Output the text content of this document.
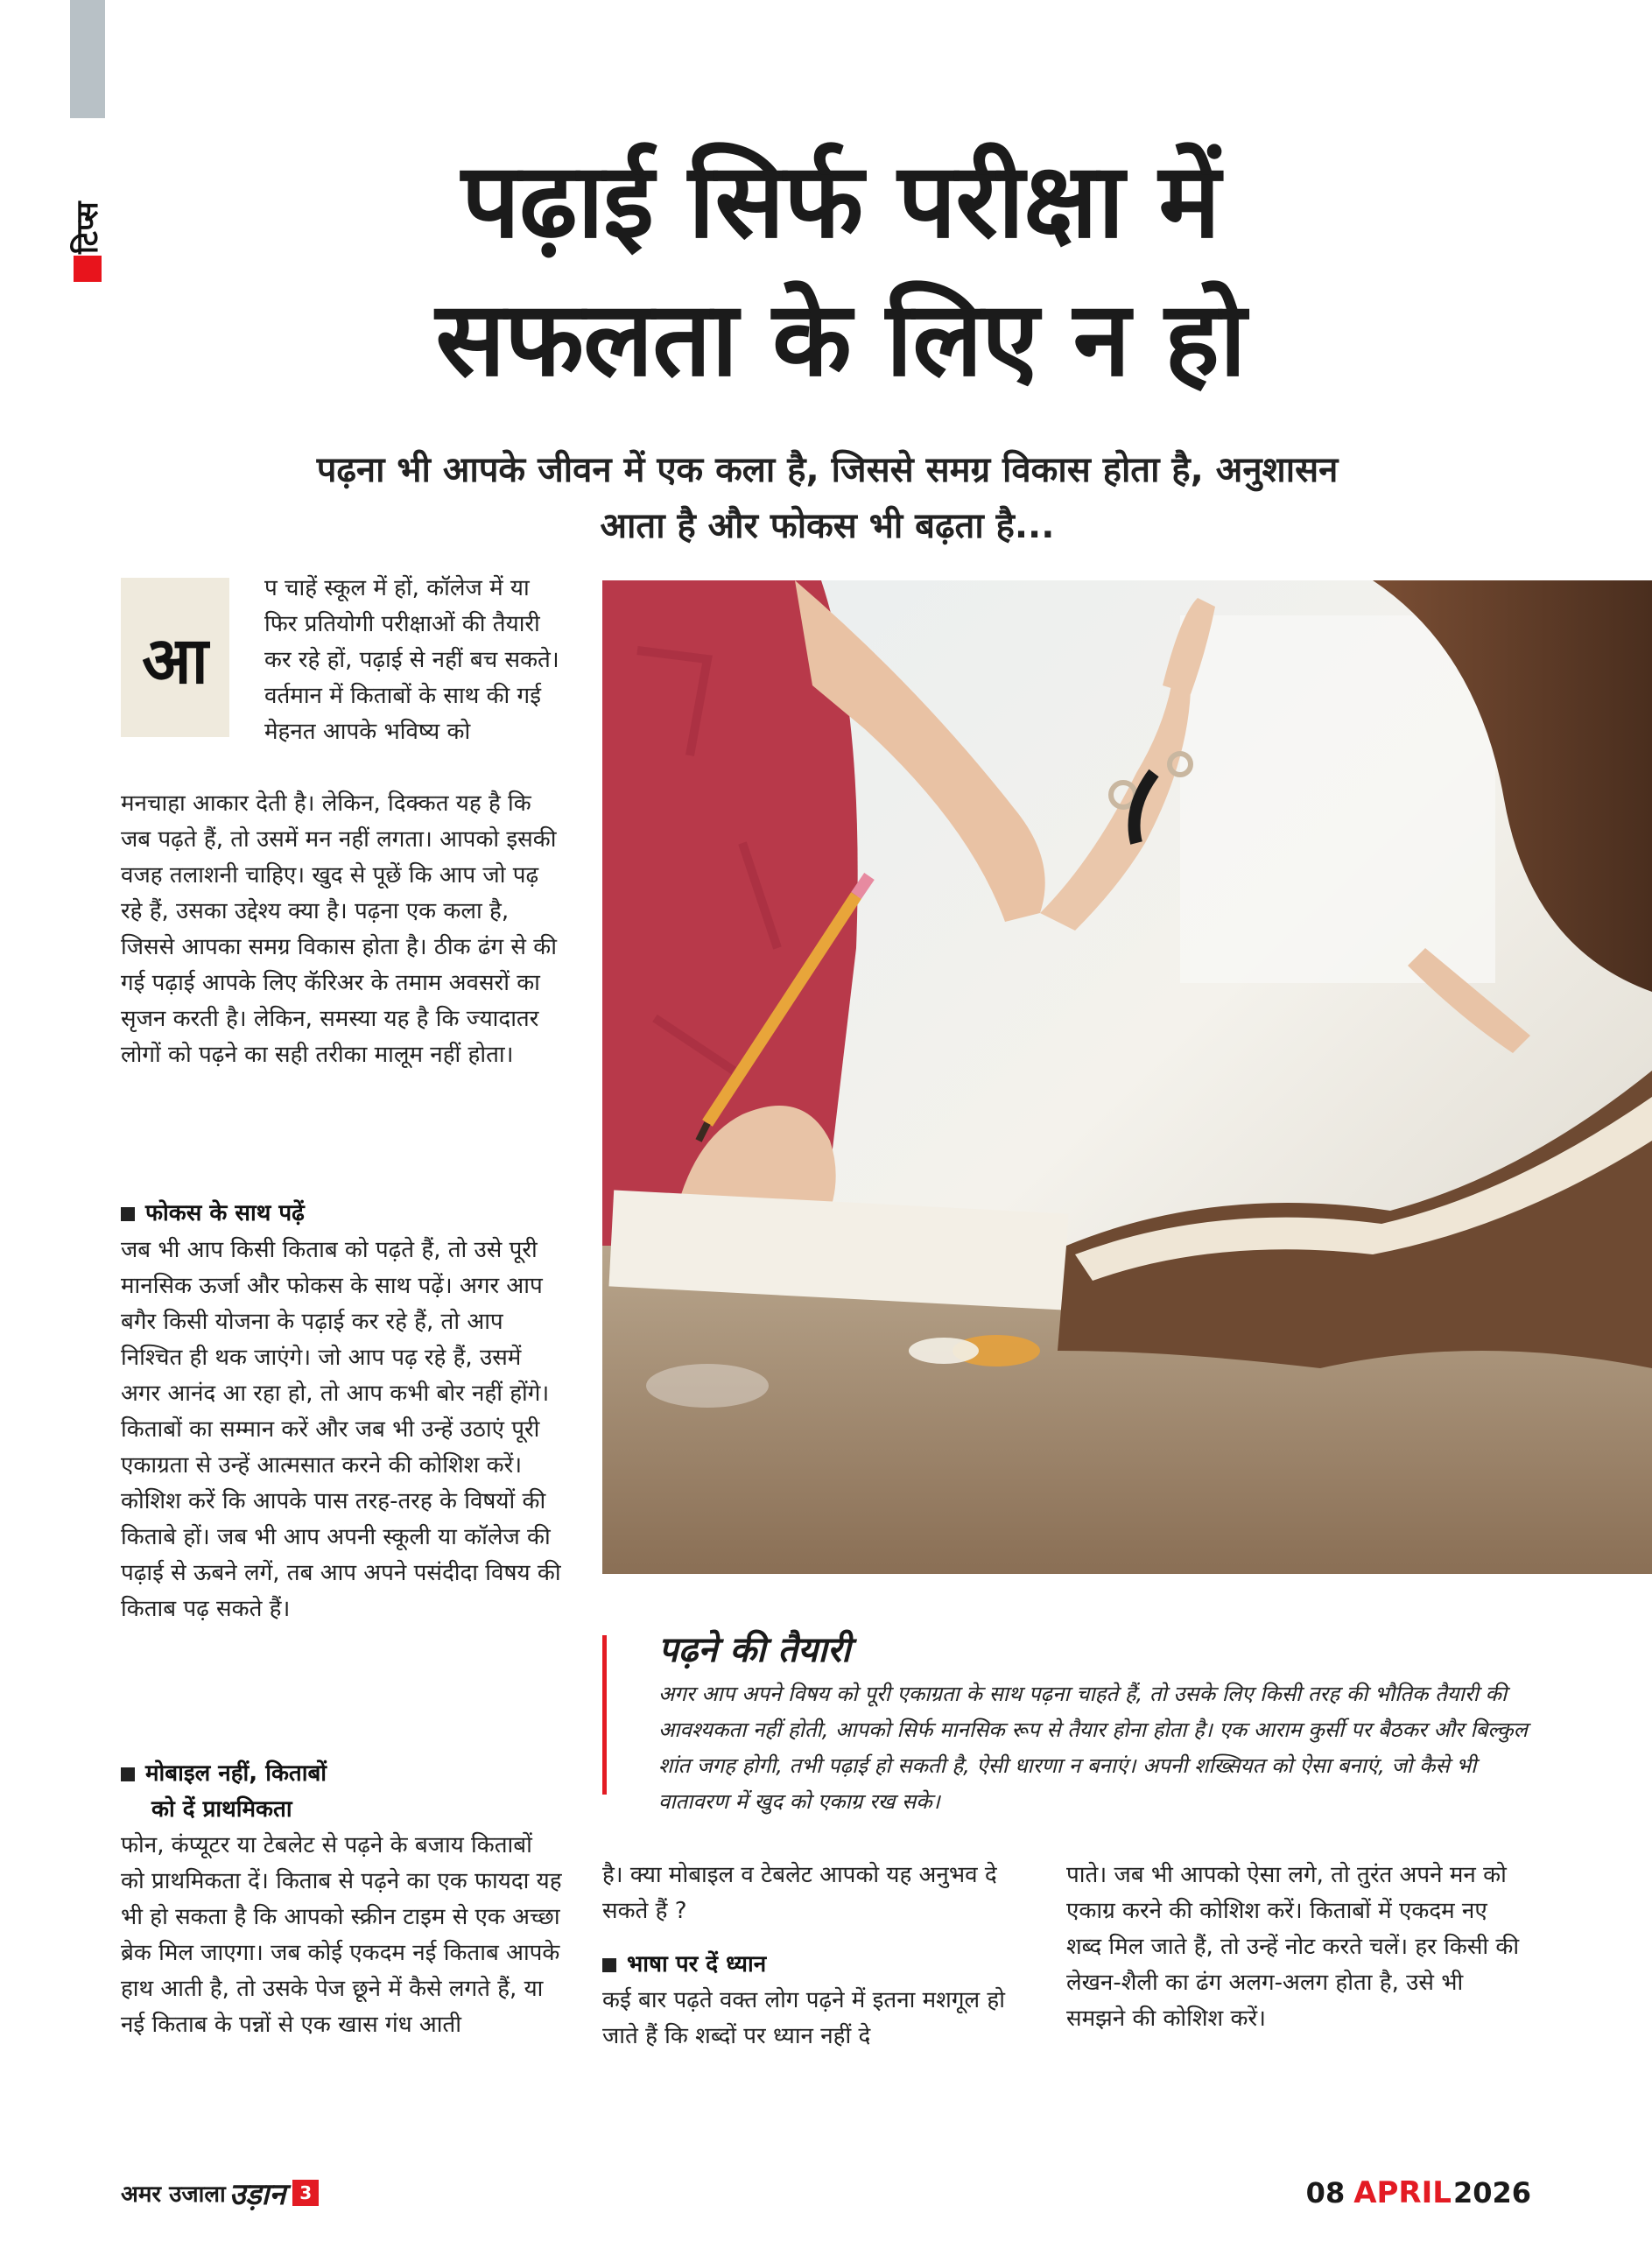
टिप्स	पढ़ाई सिर्फ परीक्षा में
सफलता के लिए न हो
पढ़ना भी आपके जीवन में एक कला है, जिससे समग्र विकास होता है, अनुशासन
आता है और फोकस भी बढ़ता है...
आ

प चाहें स्कूल में हों, कॉलेज में या फिर प्रतियोगी परीक्षाओं की तैयारी कर रहे हों, पढ़ाई से नहीं बच सकते। वर्तमान में किताबों के साथ की गई मेहनत आपके भविष्य को

मनचाहा आकार देती है। लेकिन, दिक्कत यह है कि जब पढ़ते हैं, तो उसमें मन नहीं लगता। आपको इसकी वजह तलाशनी चाहिए। खुद से पूछें कि आप जो पढ़ रहे हैं, उसका उद्देश्य क्या है। पढ़ना एक कला है, जिससे आपका समग्र विकास होता है। ठीक ढंग से की गई पढ़ाई आपके लिए कॅरिअर के तमाम अवसरों का सृजन करती है। लेकिन, समस्या यह है कि ज्यादातर लोगों को पढ़ने का सही तरीका मालूम नहीं होता।

फोकस के साथ पढ़ें

जब भी आप किसी किताब को पढ़ते हैं, तो उसे पूरी मानसिक ऊर्जा और फोकस के साथ पढ़ें। अगर आप बगैर किसी योजना के पढ़ाई कर रहे हैं, तो आप निश्चित ही थक जाएंगे। जो आप पढ़ रहे हैं, उसमें अगर आनंद आ रहा हो, तो आप कभी बोर नहीं होंगे। किताबों का सम्मान करें और जब भी उन्हें उठाएं पूरी एकाग्रता से उन्हें आत्मसात करने की कोशिश करें। कोशिश करें कि आपके पास तरह-तरह के विषयों की किताबे हों। जब भी आप अपनी स्कूली या कॉलेज की पढ़ाई से ऊबने लगें, तब आप अपने पसंदीदा विषय की किताब पढ़ सकते हैं।

मोबाइल नहीं, किताबों
को दें प्राथमिकता

फोन, कंप्यूटर या टेबलेट से पढ़ने के बजाय किताबों को प्राथमिकता दें। किताब से पढ़ने का एक फायदा यह भी हो सकता है कि आपको स्क्रीन टाइम से एक अच्छा ब्रेक मिल जाएगा। जब कोई एकदम नई किताब आपके हाथ आती है, तो उसके पेज छूने में कैसे लगते हैं, या नई किताब के पन्नों से एक खास गंध आती

पढ़ने की तैयारी
अगर आप अपने विषय को पूरी एकाग्रता के साथ पढ़ना चाहते हैं, तो उसके लिए किसी तरह की भौतिक तैयारी की आवश्यकता नहीं होती, आपको सिर्फ मानसिक रूप से तैयार होना होता है। एक आराम कुर्सी पर बैठकर और बिल्कुल शांत जगह होगी, तभी पढ़ाई हो सकती है, ऐसी धारणा न बनाएं। अपनी शख्सियत को ऐसा बनाएं, जो कैसे भी वातावरण में खुद को एकाग्र रख सके।

है। क्या मोबाइल व टेबलेट आपको यह अनुभव दे सकते हैं ?

भाषा पर दें ध्यान

कई बार पढ़ते वक्त लोग पढ़ने में इतना मशगूल हो जाते हैं कि शब्दों पर ध्यान नहीं दे

पाते। जब भी आपको ऐसा लगे, तो तुरंत अपने मन को एकाग्र करने की कोशिश करें। किताबों में एकदम नए शब्द मिल जाते हैं, तो उन्हें नोट करते चलें। हर किसी की लेखन-शैली का ढंग अलग-अलग होता है, उसे भी समझने की कोशिश करें।

अमर उजाला उड़ान 3	08 APRIL 2026
